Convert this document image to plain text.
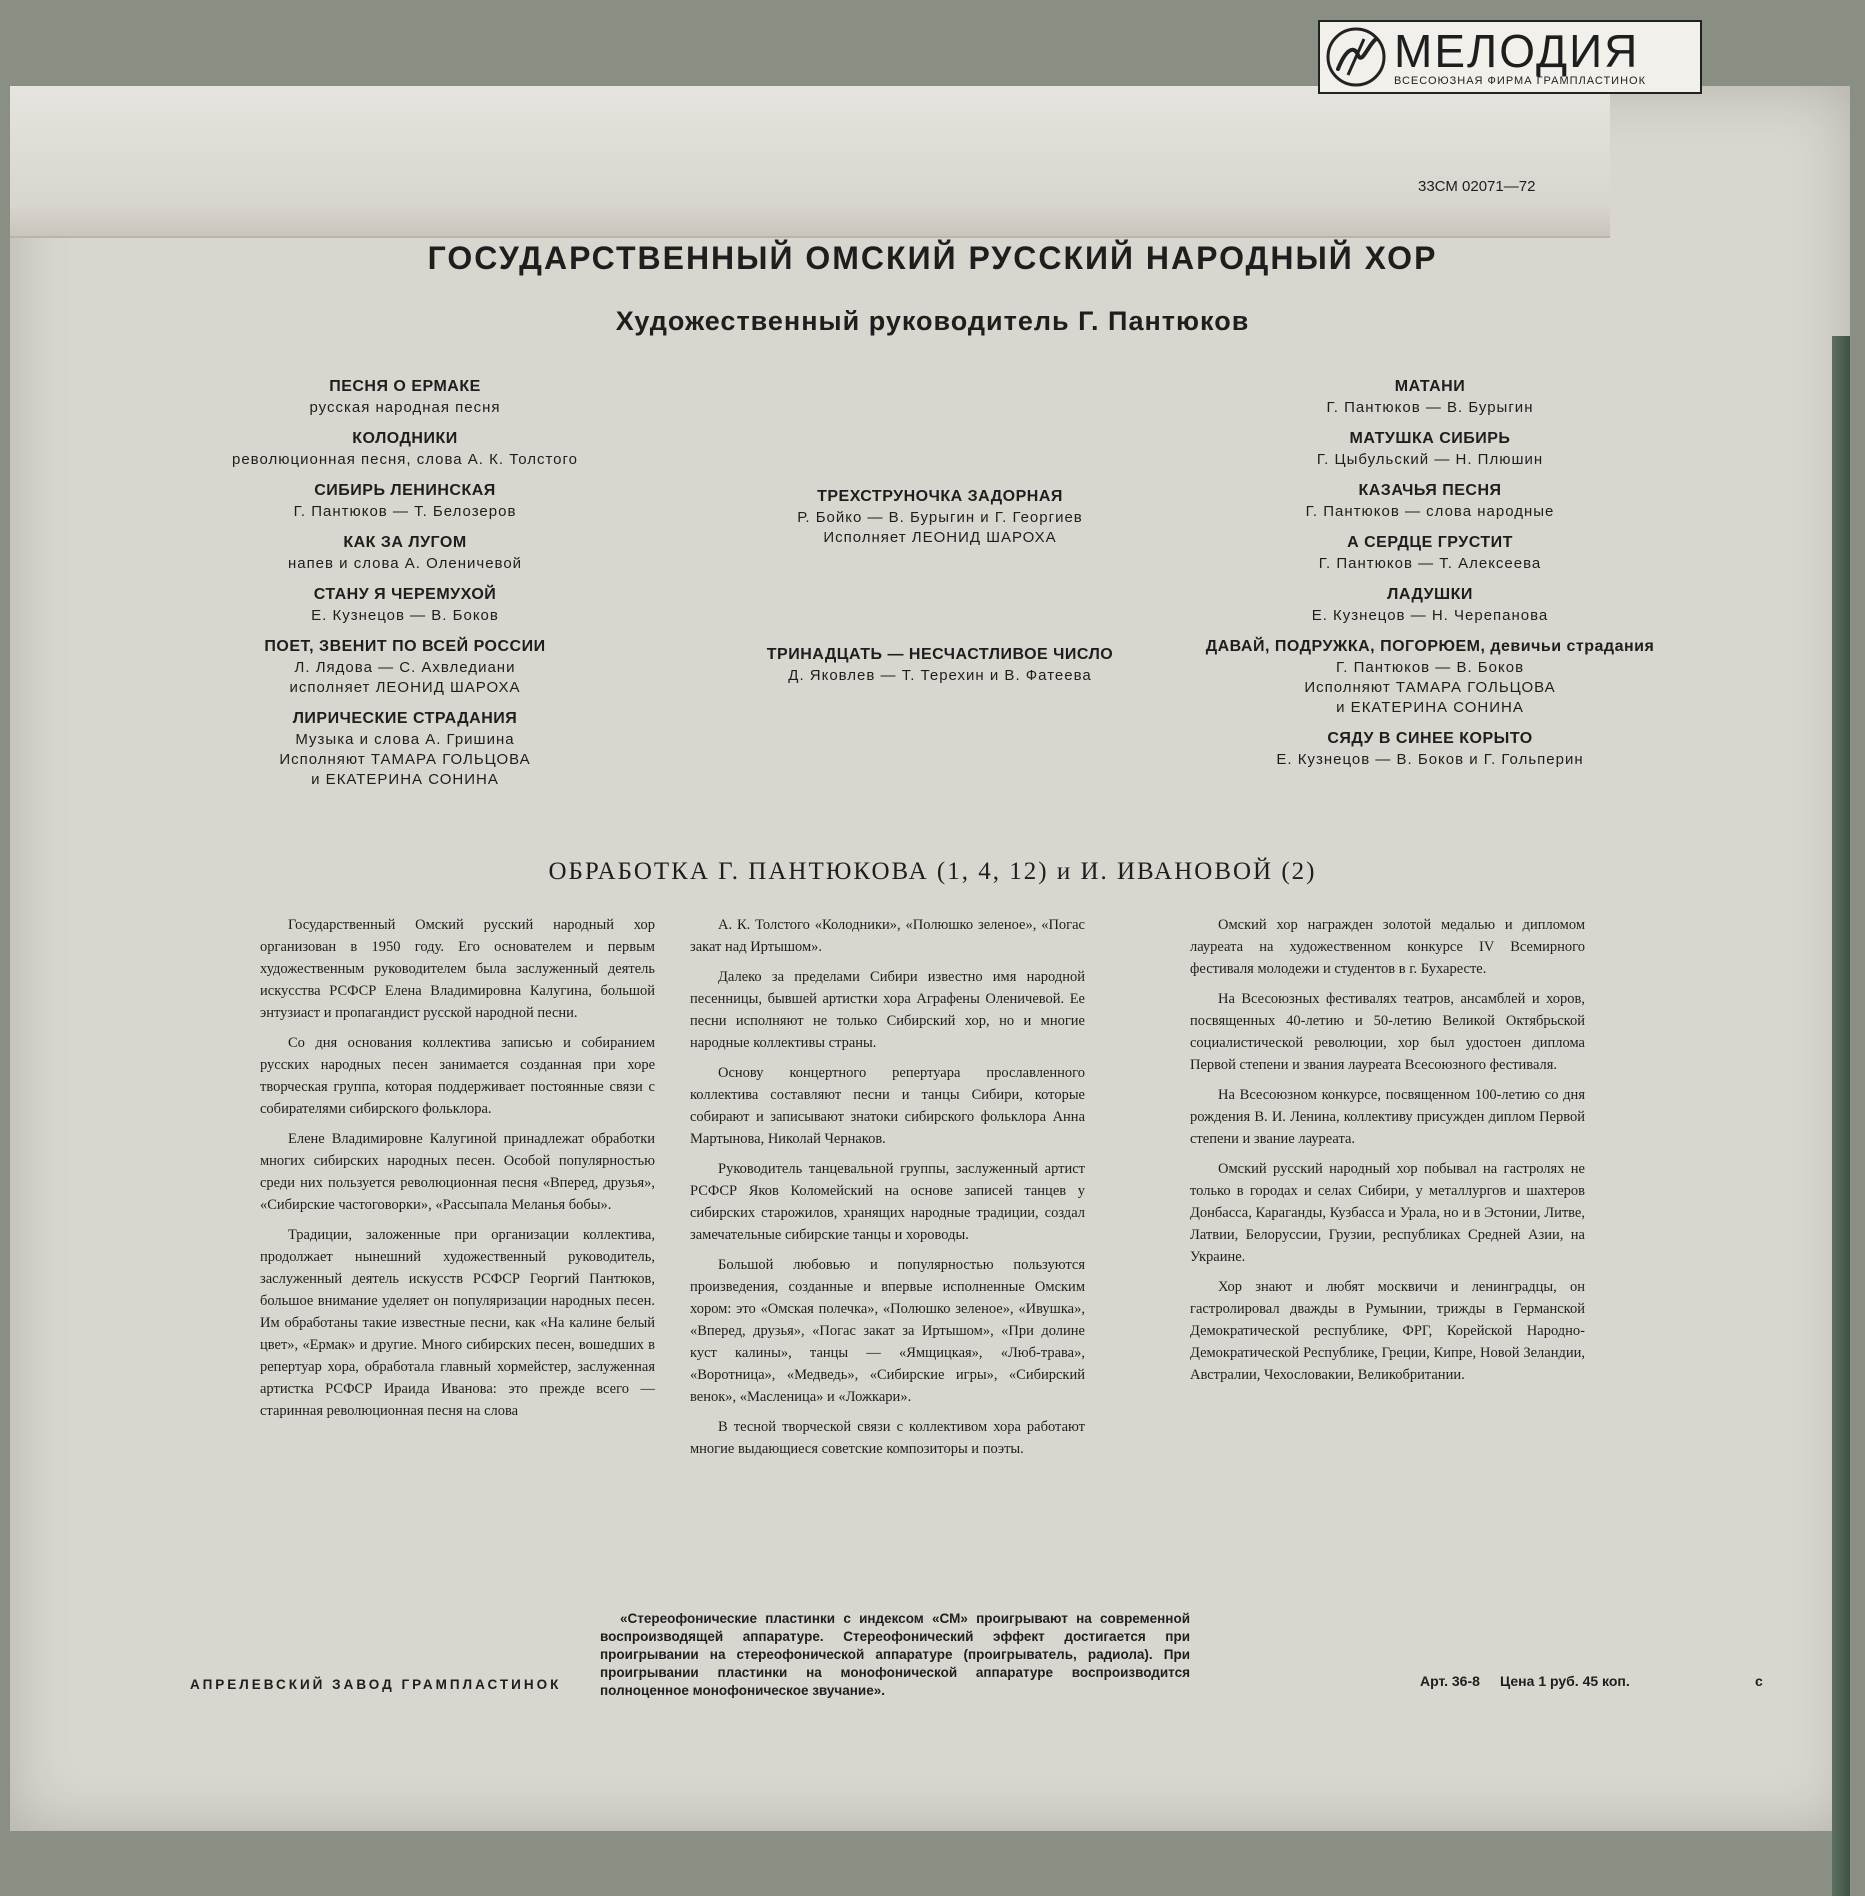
МЕЛОДИЯ
ВСЕСОЮЗНАЯ ФИРМА ГРАМПЛАСТИНОК
33СМ 02071—72
ГОСУДАРСТВЕННЫЙ ОМСКИЙ РУССКИЙ НАРОДНЫЙ ХОР
Художественный руководитель Г. Пантюков
ПЕСНЯ О ЕРМАКЕ
русская народная песня
КОЛОДНИКИ
революционная песня, слова А. К. Толстого
СИБИРЬ ЛЕНИНСКАЯ
Г. Пантюков — Т. Белозеров
КАК ЗА ЛУГОМ
напев и слова А. Оленичевой
СТАНУ Я ЧЕРЕМУХОЙ
Е. Кузнецов — В. Боков
ПОЕТ, ЗВЕНИТ ПО ВСЕЙ РОССИИ
Л. Лядова — С. Ахвледиани
исполняет ЛЕОНИД ШАРОХА
ЛИРИЧЕСКИЕ СТРАДАНИЯ
Музыка и слова А. Гришина
Исполняют ТАМАРА ГОЛЬЦОВА
и ЕКАТЕРИНА СОНИНА
ТРЕХСТРУНОЧКА ЗАДОРНАЯ
Р. Бойко — В. Бурыгин и Г. Георгиев
Исполняет ЛЕОНИД ШАРОХА
ТРИНАДЦАТЬ — НЕСЧАСТЛИВОЕ ЧИСЛО
Д. Яковлев — Т. Терехин и В. Фатеева
МАТАНИ
Г. Пантюков — В. Бурыгин
МАТУШКА СИБИРЬ
Г. Цыбульский — Н. Плюшин
КАЗАЧЬЯ ПЕСНЯ
Г. Пантюков — слова народные
А СЕРДЦЕ ГРУСТИТ
Г. Пантюков — Т. Алексеева
ЛАДУШКИ
Е. Кузнецов — Н. Черепанова
ДАВАЙ, ПОДРУЖКА, ПОГОРЮЕМ, девичьи страдания
Г. Пантюков — В. Боков
Исполняют ТАМАРА ГОЛЬЦОВА
и ЕКАТЕРИНА СОНИНА
СЯДУ В СИНЕЕ КОРЫТО
Е. Кузнецов — В. Боков и Г. Гольперин
ОБРАБОТКА Г. ПАНТЮКОВА (1, 4, 12) и И. ИВАНОВОЙ (2)

Государственный Омский русский народный хор организован в 1950 году. Его основателем и первым художественным руководителем была заслуженный деятель искусства РСФСР Елена Владимировна Калугина, большой энтузиаст и пропагандист русской народной песни.

Со дня основания коллектива записью и собиранием русских народных песен занимается созданная при хоре творческая группа, которая поддерживает постоянные связи с собирателями сибирского фольклора.

Елене Владимировне Калугиной принадлежат обработки многих сибирских народных песен. Особой популярностью среди них пользуется революционная песня «Вперед, друзья», «Сибирские частоговорки», «Рассыпала Меланья бобы».

Традиции, заложенные при организации коллектива, продолжает нынешний художественный руководитель, заслуженный деятель искусств РСФСР Георгий Пантюков, большое внимание уделяет он популяризации народных песен. Им обработаны такие известные песни, как «На калине белый цвет», «Ермак» и другие. Много сибирских песен, вошедших в репертуар хора, обработала главный хормейстер, заслуженная артистка РСФСР Ираида Иванова: это прежде всего — старинная революционная песня на слова

А. К. Толстого «Колодники», «Полюшко зеленое», «Погас закат над Иртышом».

Далеко за пределами Сибири известно имя народной песенницы, бывшей артистки хора Аграфены Оленичевой. Ее песни исполняют не только Сибирский хор, но и многие народные коллективы страны.

Основу концертного репертуара прославленного коллектива составляют песни и танцы Сибири, которые собирают и записывают знатоки сибирского фольклора Анна Мартынова, Николай Чернаков.

Руководитель танцевальной группы, заслуженный артист РСФСР Яков Коломейский на основе записей танцев у сибирских старожилов, хранящих народные традиции, создал замечательные сибирские танцы и хороводы.

Большой любовью и популярностью пользуются произведения, созданные и впервые исполненные Омским хором: это «Омская полечка», «Полюшко зеленое», «Ивушка», «Вперед, друзья», «Погас закат за Иртышом», «При долине куст калины», танцы — «Ямщицкая», «Люб-трава», «Воротница», «Медведь», «Сибирские игры», «Сибирский венок», «Масленица» и «Ложкари».

В тесной творческой связи с коллективом хора работают многие выдающиеся советские композиторы и поэты.

Омский хор награжден золотой медалью и дипломом лауреата на художественном конкурсе IV Всемирного фестиваля молодежи и студентов в г. Бухаресте.

На Всесоюзных фестивалях театров, ансамблей и хоров, посвященных 40-летию и 50-летию Великой Октябрьской социалистической революции, хор был удостоен диплома Первой степени и звания лауреата Всесоюзного фестиваля.

На Всесоюзном конкурсе, посвященном 100-летию со дня рождения В. И. Ленина, коллективу присужден диплом Первой степени и звание лауреата.

Омский русский народный хор побывал на гастролях не только в городах и селах Сибири, у металлургов и шахтеров Донбасса, Караганды, Кузбасса и Урала, но и в Эстонии, Литве, Латвии, Белоруссии, Грузии, республиках Средней Азии, на Украине.

Хор знают и любят москвичи и ленинградцы, он гастролировал дважды в Румынии, трижды в Германской Демократической республике, ФРГ, Корейской Народно-Демократической Республике, Греции, Кипре, Новой Зеландии, Австралии, Чехословакии, Великобритании.

«Стереофонические пластинки с индексом «СМ» проигрывают на современной воспроизводящей аппаратуре. Стереофонический эффект достигается при проигрывании на стереофонической аппаратуре (проигрыватель, радиола). При проигрывании пластинки на монофонической аппаратуре воспроизводится полноценное монофоническое звучание».

АПРЕЛЕВСКИЙ ЗАВОД ГРАМПЛАСТИНОК	Арт. 36-8 Цена 1 руб. 45 коп.	с
